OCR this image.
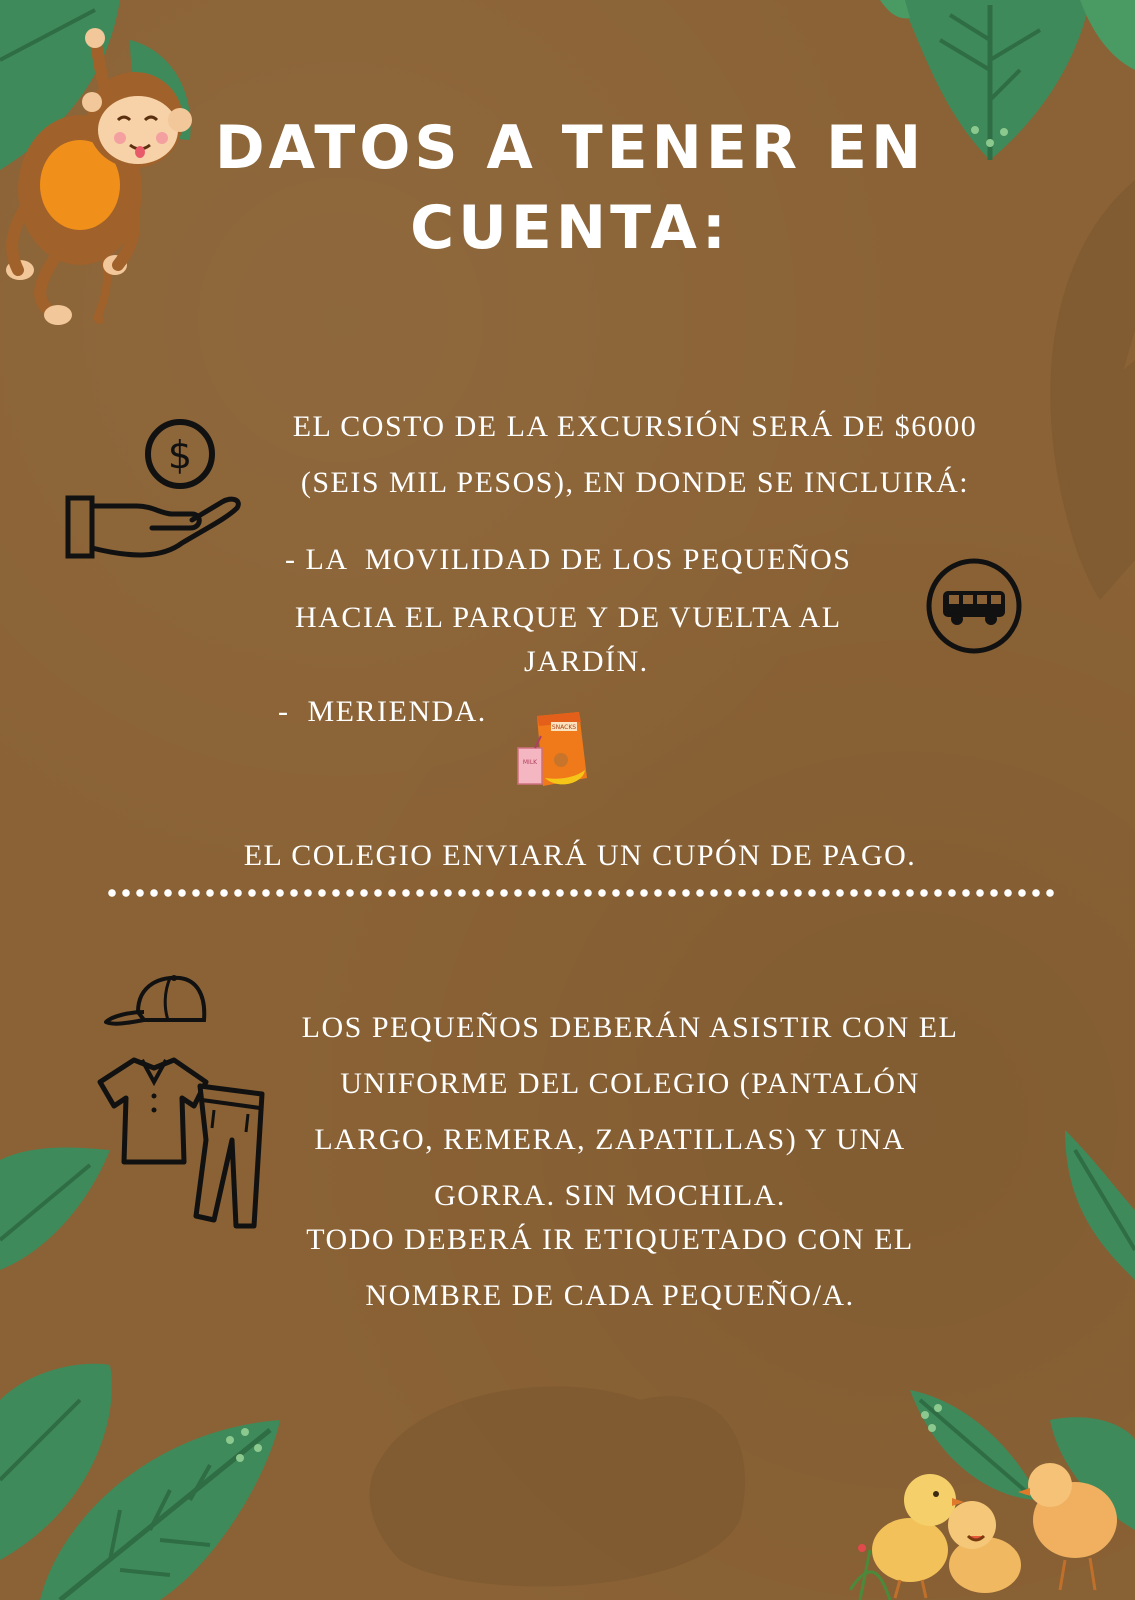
DATOS A TENER EN
CUENTA:
$
EL COSTO DE LA EXCURSIÓN SERÁ DE $6000
(SEIS MIL PESOS), EN DONDE SE INCLUIRÁ:
- LA  MOVILIDAD DE LOS PEQUEÑOS
HACIA EL PARQUE Y DE VUELTA AL
JARDÍN.
-  MERIENDA.	SNACKS
MILK
EL COLEGIO ENVIARÁ UN CUPÓN DE PAGO.
LOS PEQUEÑOS DEBERÁN ASISTIR CON EL
UNIFORME DEL COLEGIO (PANTALÓN
LARGO, REMERA, ZAPATILLAS) Y UNA
GORRA. SIN MOCHILA.
TODO DEBERÁ IR ETIQUETADO CON EL
NOMBRE DE CADA PEQUEÑO/A.
